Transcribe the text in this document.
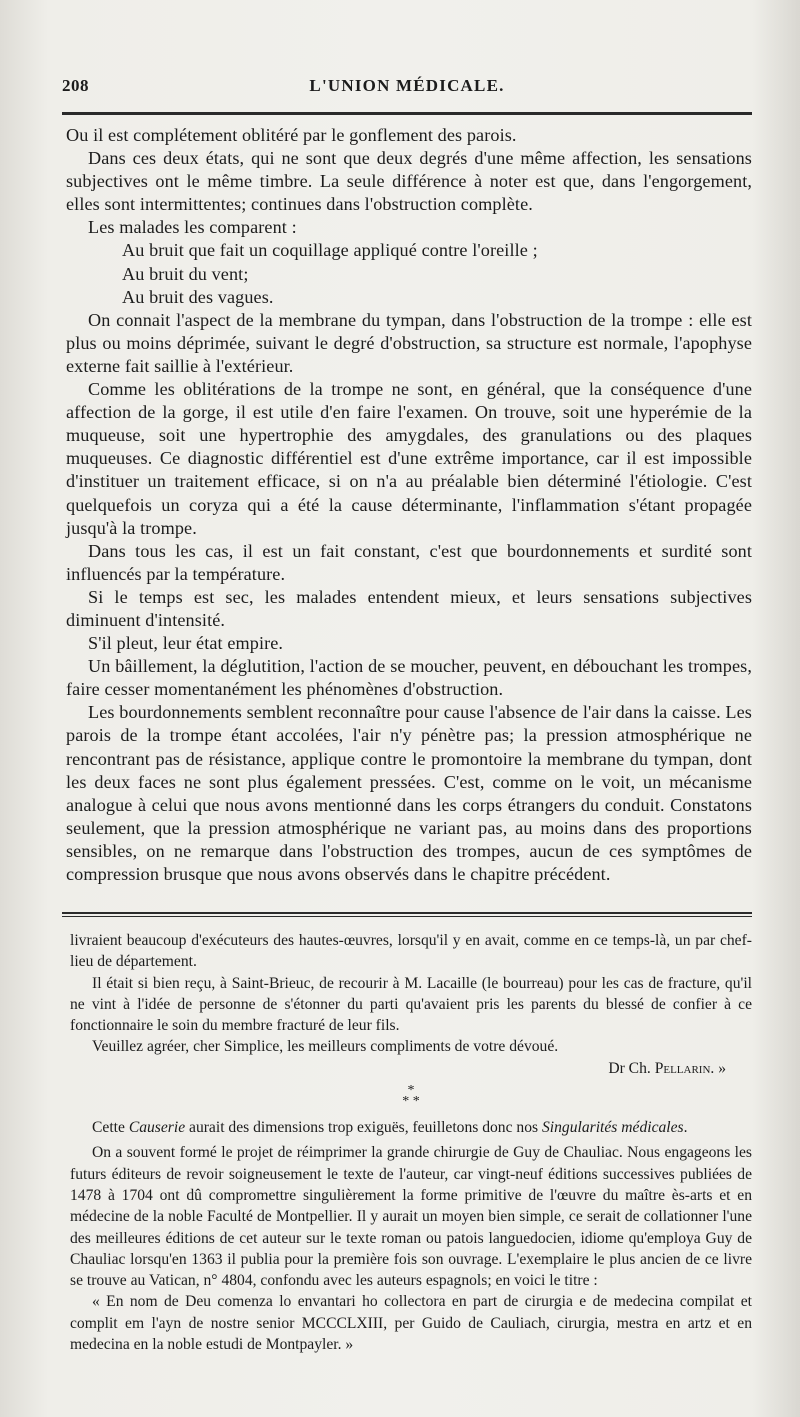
208	L'UNION MÉDICALE.

Ou il est complétement oblitéré par le gonflement des parois.

Dans ces deux états, qui ne sont que deux degrés d'une même affection, les sensations subjectives ont le même timbre. La seule différence à noter est que, dans l'engorgement, elles sont intermittentes; continues dans l'obstruction complète.

Les malades les comparent :

Au bruit que fait un coquillage appliqué contre l'oreille ;

Au bruit du vent;

Au bruit des vagues.

On connait l'aspect de la membrane du tympan, dans l'obstruction de la trompe : elle est plus ou moins déprimée, suivant le degré d'obstruction, sa structure est normale, l'apophyse externe fait saillie à l'extérieur.

Comme les oblitérations de la trompe ne sont, en général, que la conséquence d'une affection de la gorge, il est utile d'en faire l'examen. On trouve, soit une hyperémie de la muqueuse, soit une hypertrophie des amygdales, des granulations ou des plaques muqueuses. Ce diagnostic différentiel est d'une extrême importance, car il est impossible d'instituer un traitement efficace, si on n'a au préalable bien déterminé l'étiologie. C'est quelquefois un coryza qui a été la cause déterminante, l'inflammation s'étant propagée jusqu'à la trompe.

Dans tous les cas, il est un fait constant, c'est que bourdonnements et surdité sont influencés par la température.

Si le temps est sec, les malades entendent mieux, et leurs sensations subjectives diminuent d'intensité.

S'il pleut, leur état empire.

Un bâillement, la déglutition, l'action de se moucher, peuvent, en débouchant les trompes, faire cesser momentanément les phénomènes d'obstruction.

Les bourdonnements semblent reconnaître pour cause l'absence de l'air dans la caisse. Les parois de la trompe étant accolées, l'air n'y pénètre pas; la pression atmosphérique ne rencontrant pas de résistance, applique contre le promontoire la membrane du tympan, dont les deux faces ne sont plus également pressées. C'est, comme on le voit, un mécanisme analogue à celui que nous avons mentionné dans les corps étrangers du conduit. Constatons seulement, que la pression atmosphérique ne variant pas, au moins dans des proportions sensibles, on ne remarque dans l'obstruction des trompes, aucun de ces symptômes de compression brusque que nous avons observés dans le chapitre précédent.

livraient beaucoup d'exécuteurs des hautes-œuvres, lorsqu'il y en avait, comme en ce temps-là, un par chef-lieu de département.

Il était si bien reçu, à Saint-Brieuc, de recourir à M. Lacaille (le bourreau) pour les cas de fracture, qu'il ne vint à l'idée de personne de s'étonner du parti qu'avaient pris les parents du blessé de confier à ce fonctionnaire le soin du membre fracturé de leur fils.

Veuillez agréer, cher Simplice, les meilleurs compliments de votre dévoué.

Dr Ch. Pellarin. »

*
* *

Cette Causerie aurait des dimensions trop exiguës, feuilletons donc nos Singularités médicales.

On a souvent formé le projet de réimprimer la grande chirurgie de Guy de Chauliac. Nous engageons les futurs éditeurs de revoir soigneusement le texte de l'auteur, car vingt-neuf éditions successives publiées de 1478 à 1704 ont dû compromettre singulièrement la forme primitive de l'œuvre du maître ès-arts et en médecine de la noble Faculté de Montpellier. Il y aurait un moyen bien simple, ce serait de collationner l'une des meilleures éditions de cet auteur sur le texte roman ou patois languedocien, idiome qu'employa Guy de Chauliac lorsqu'en 1363 il publia pour la première fois son ouvrage. L'exemplaire le plus ancien de ce livre se trouve au Vatican, n° 4804, confondu avec les auteurs espagnols; en voici le titre :

« En nom de Deu comenza lo envantari ho collectora en part de cirurgia e de medecina compilat et complit em l'ayn de nostre senior MCCCLXIII, per Guido de Cauliach, cirurgia, mestra en artz et en medecina en la noble estudi de Montpayler. »
